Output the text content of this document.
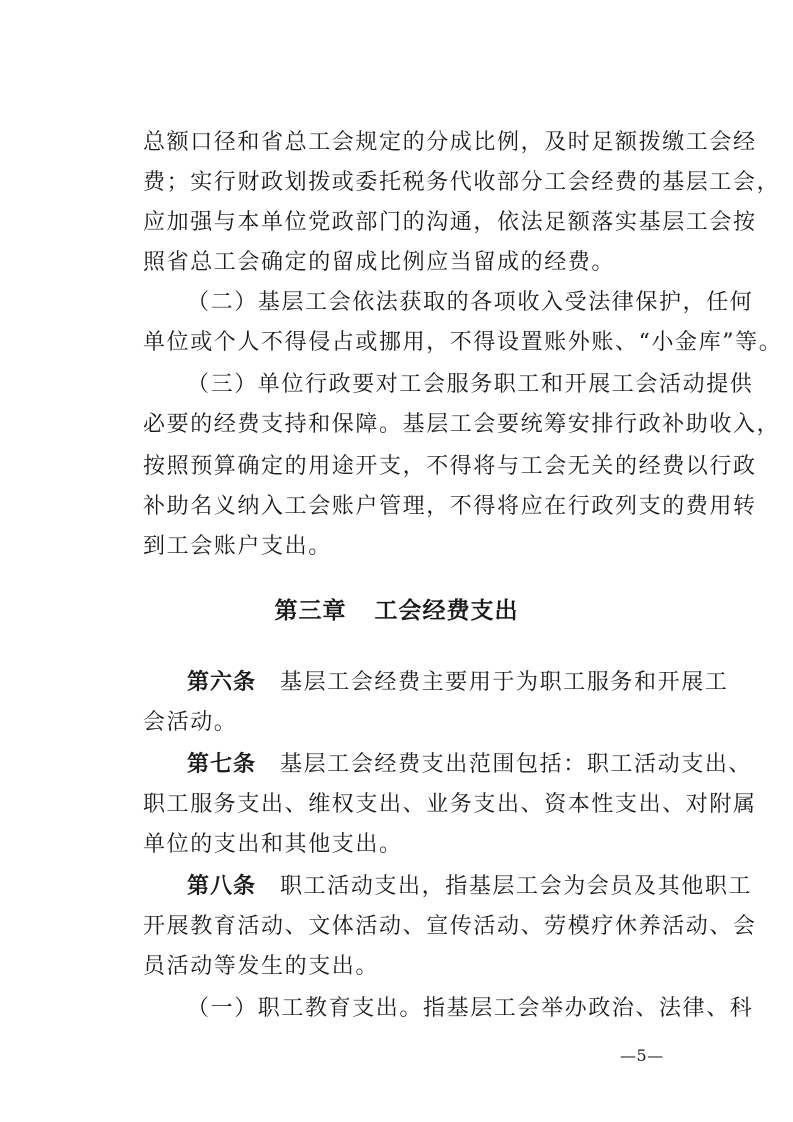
总额口径和省总工会规定的分成比例，及时足额拨缴工会经
费；实行财政划拨或委托税务代收部分工会经费的基层工会，
应加强与本单位党政部门的沟通，依法足额落实基层工会按
照省总工会确定的留成比例应当留成的经费。
（二）基层工会依法获取的各项收入受法律保护，任何
单位或个人不得侵占或挪用，不得设置账外账、“小金库”等。
（三）单位行政要对工会服务职工和开展工会活动提供
必要的经费支持和保障。基层工会要统筹安排行政补助收入，
按照预算确定的用途开支，不得将与工会无关的经费以行政
补助名义纳入工会账户管理，不得将应在行政列支的费用转
到工会账户支出。
第三章 工会经费支出
第六条 基层工会经费主要用于为职工服务和开展工
会活动。
第七条 基层工会经费支出范围包括：职工活动支出、
职工服务支出、维权支出、业务支出、资本性支出、对附属
单位的支出和其他支出。
第八条 职工活动支出，指基层工会为会员及其他职工
开展教育活动、文体活动、宣传活动、劳模疗休养活动、会
员活动等发生的支出。
（一）职工教育支出。指基层工会举办政治、法律、科
—5—
